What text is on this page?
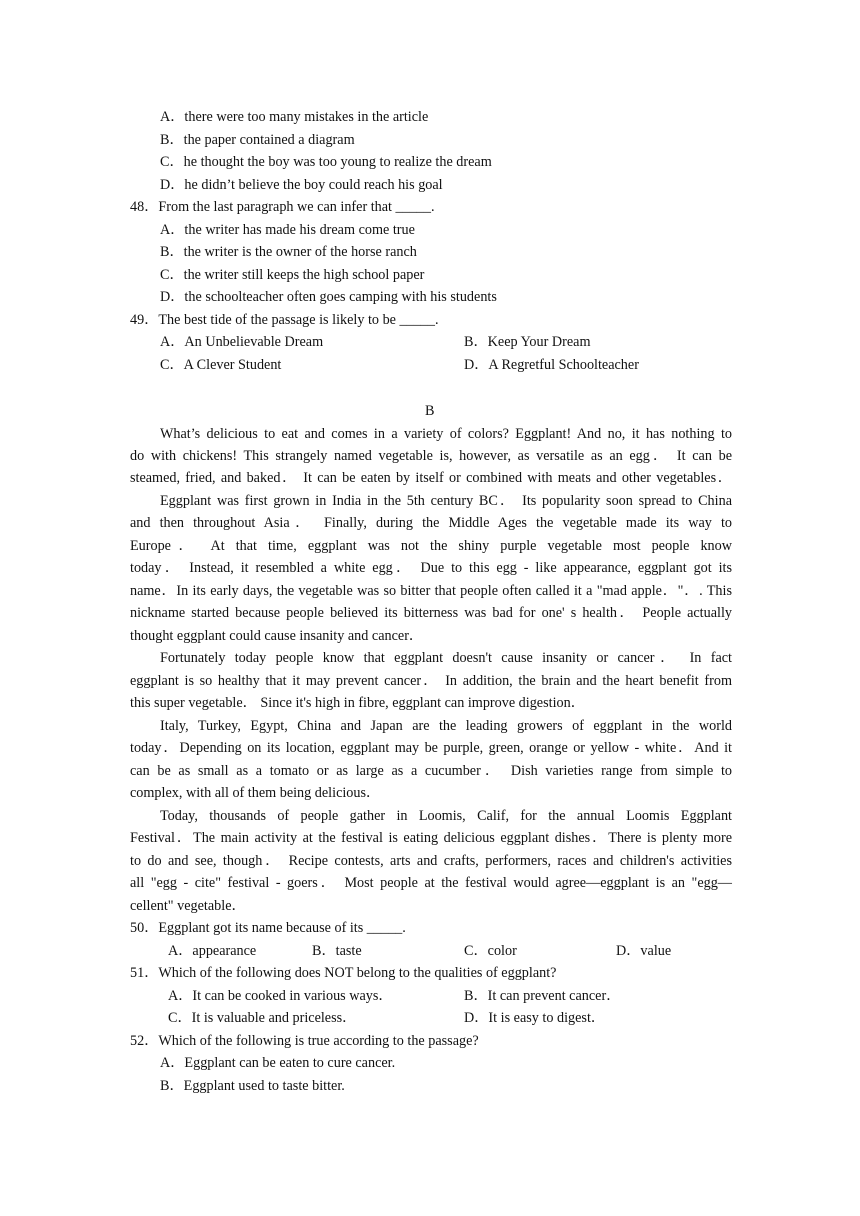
A．there were too many mistakes in the article
B．the paper contained a diagram
C．he thought the boy was too young to realize the dream
D．he didn’t believe the boy could reach his goal
48．From the last paragraph we can infer that _____.
A．the writer has made his dream come true
B．the writer is the owner of the horse ranch
C．the writer still keeps the high school paper
D．the schoolteacher often goes camping with his students
49．The best tide of the passage is likely to be _____.
A．An Unbelievable Dream	B．Keep Your Dream
C．A Clever Student	D．A Regretful Schoolteacher
B
What’s delicious to eat and comes in a variety of colors? Eggplant! And no, it has nothing to
do with chickens! This strangely named vegetable is, however, as versatile as an egg． It can be
steamed, fried, and baked． It can be eaten by itself or combined with meats and other vegetables．
Eggplant was first grown in India in the 5th century BC． Its popularity soon spread to China
and then throughout Asia． Finally, during the Middle Ages the vegetable made its way to
Europe． At that time, eggplant was not the shiny purple vegetable most people know
today． Instead, it resembled a white egg． Due to this egg - like appearance, eggplant got its
name．In its early days, the vegetable was so bitter that people often called it a "mad apple．"．. This
nickname started because people believed its bitterness was bad for one' s health． People actually
thought eggplant could cause insanity and cancer．
Fortunately today people know that eggplant doesn't cause insanity or cancer． In fact
eggplant is so healthy that it may prevent cancer． In addition, the brain and the heart benefit from
this super vegetable． Since it's high in fibre, eggplant can improve digestion．
Italy, Turkey, Egypt, China and Japan are the leading growers of eggplant in the world
today．Depending on its location, eggplant may be purple, green, orange or yellow - white．And it
can be as small as a tomato or as large as a cucumber． Dish varieties range from simple to
complex, with all of them being delicious．
Today, thousands of people gather in Loomis, Calif, for the annual Loomis Eggplant
Festival．The main activity at the festival is eating delicious eggplant dishes．There is plenty more
to do and see, though． Recipe contests, arts and crafts, performers, races and children's activities
all "egg - cite" festival - goers． Most people at the festival would agree—eggplant is an "egg—
cellent" vegetable．
50．Eggplant got its name because of its _____.
A．appearance	B．taste	C．color	D．value
51．Which of the following does NOT belong to the qualities of eggplant?
A．It can be cooked in various ways．	B．It can prevent cancer．
C．It is valuable and priceless．	D．It is easy to digest．
52．Which of the following is true according to the passage?
A．Eggplant can be eaten to cure cancer.
B．Eggplant used to taste bitter.
